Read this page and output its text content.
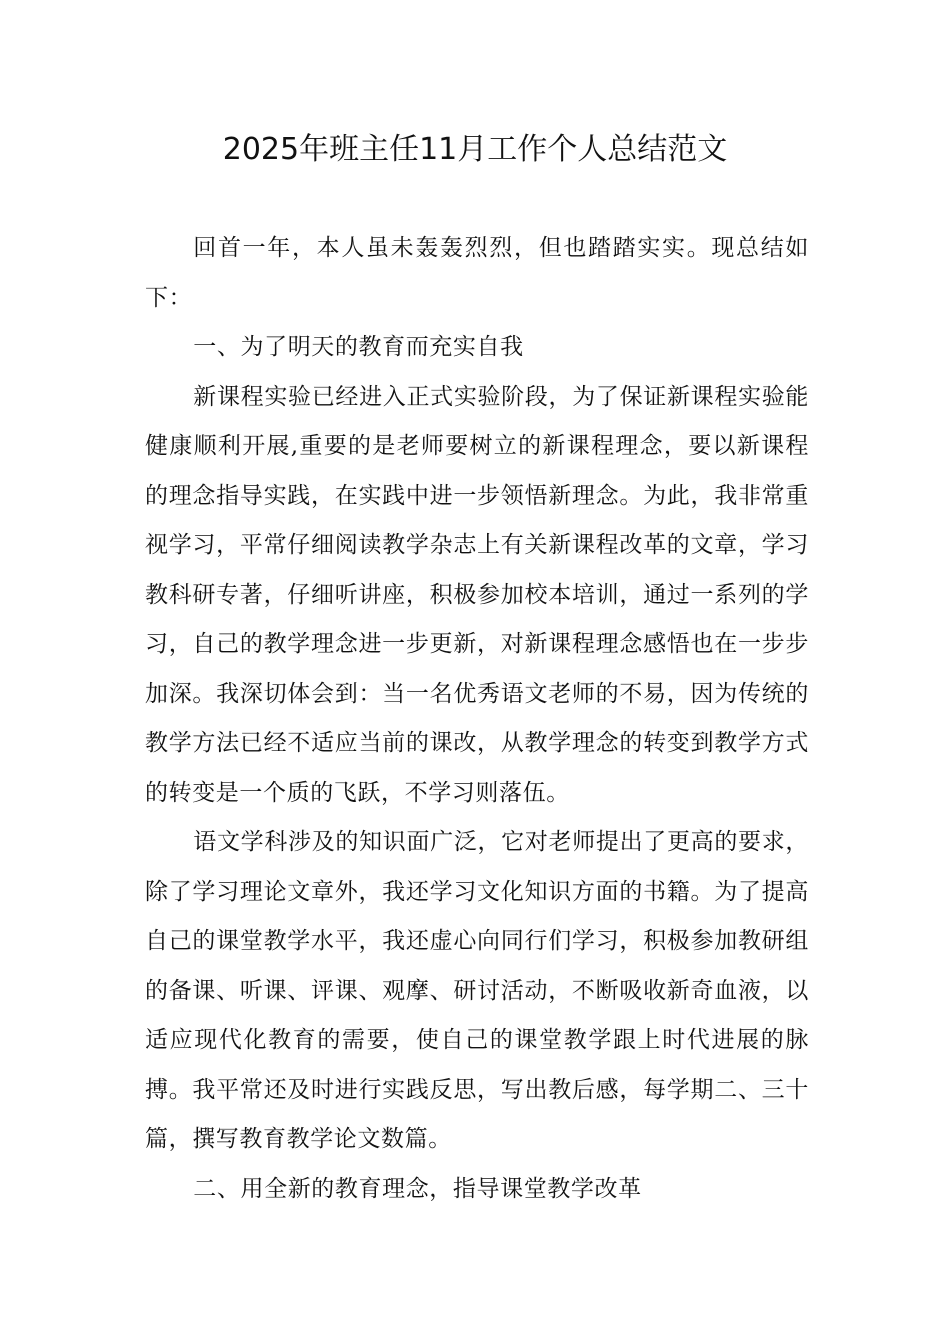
2025年班主任11月工作个人总结范文

回首一年，本人虽未轰轰烈烈，但也踏踏实实。现总结如下：

一、为了明天的教育而充实自我

新课程实验已经进入正式实验阶段，为了保证新课程实验能健康顺利开展,重要的是老师要树立的新课程理念，要以新课程的理念指导实践，在实践中进一步领悟新理念。为此，我非常重视学习，平常仔细阅读教学杂志上有关新课程改革的文章，学习教科研专著，仔细听讲座，积极参加校本培训，通过一系列的学习，自己的教学理念进一步更新，对新课程理念感悟也在一步步加深。我深切体会到：当一名优秀语文老师的不易，因为传统的教学方法已经不适应当前的课改，从教学理念的转变到教学方式的转变是一个质的飞跃，不学习则落伍。

语文学科涉及的知识面广泛，它对老师提出了更高的要求，除了学习理论文章外，我还学习文化知识方面的书籍。为了提高自己的课堂教学水平，我还虚心向同行们学习，积极参加教研组的备课、听课、评课、观摩、研讨活动，不断吸收新奇血液，以适应现代化教育的需要，使自己的课堂教学跟上时代进展的脉搏。我平常还及时进行实践反思，写出教后感，每学期二、三十篇，撰写教育教学论文数篇。

二、用全新的教育理念，指导课堂教学改革
